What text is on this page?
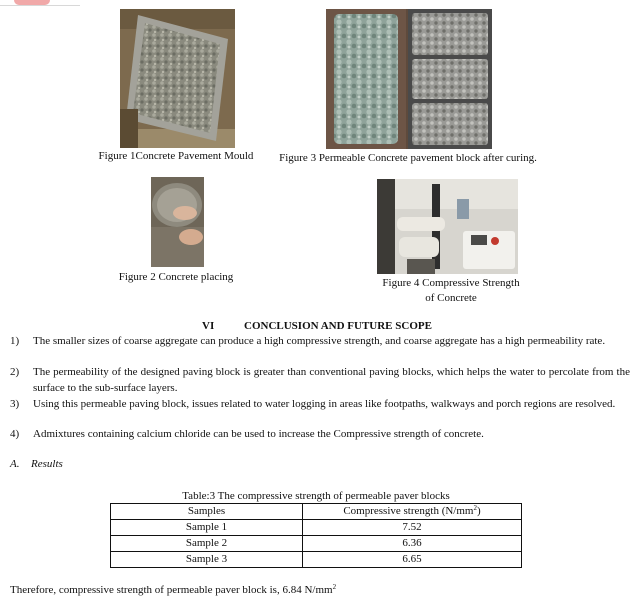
Figure 1Concrete Pavement Mould	Figure 3 Permeable Concrete pavement block after curing.
Figure 2 Concrete placing	Figure 4 Compressive Strength
of Concrete
VI	CONCLUSION AND FUTURE SCOPE
1) The smaller sizes of coarse aggregate can produce a high compressive strength, and coarse aggregate has a high permeability rate.
2) The permeability of the designed paving block is greater than conventional paving blocks, which helps the water to percolate from the surface to the sub-surface layers.
3) Using this permeable paving block, issues related to water logging in areas like footpaths, walkways and porch regions are resolved.
4) Admixtures containing calcium chloride can be used to increase the Compressive strength of concrete.
A. Results
Table:3 The compressive strength of permeable paver blocks
Samples	Compressive strength $(N/mm^2)$
Sample 1	7.52
Sample 2	6.36
Sample 3	6.65
Therefore, compressive strength of permeable paver block is, 6.84 $N/mm^2$
